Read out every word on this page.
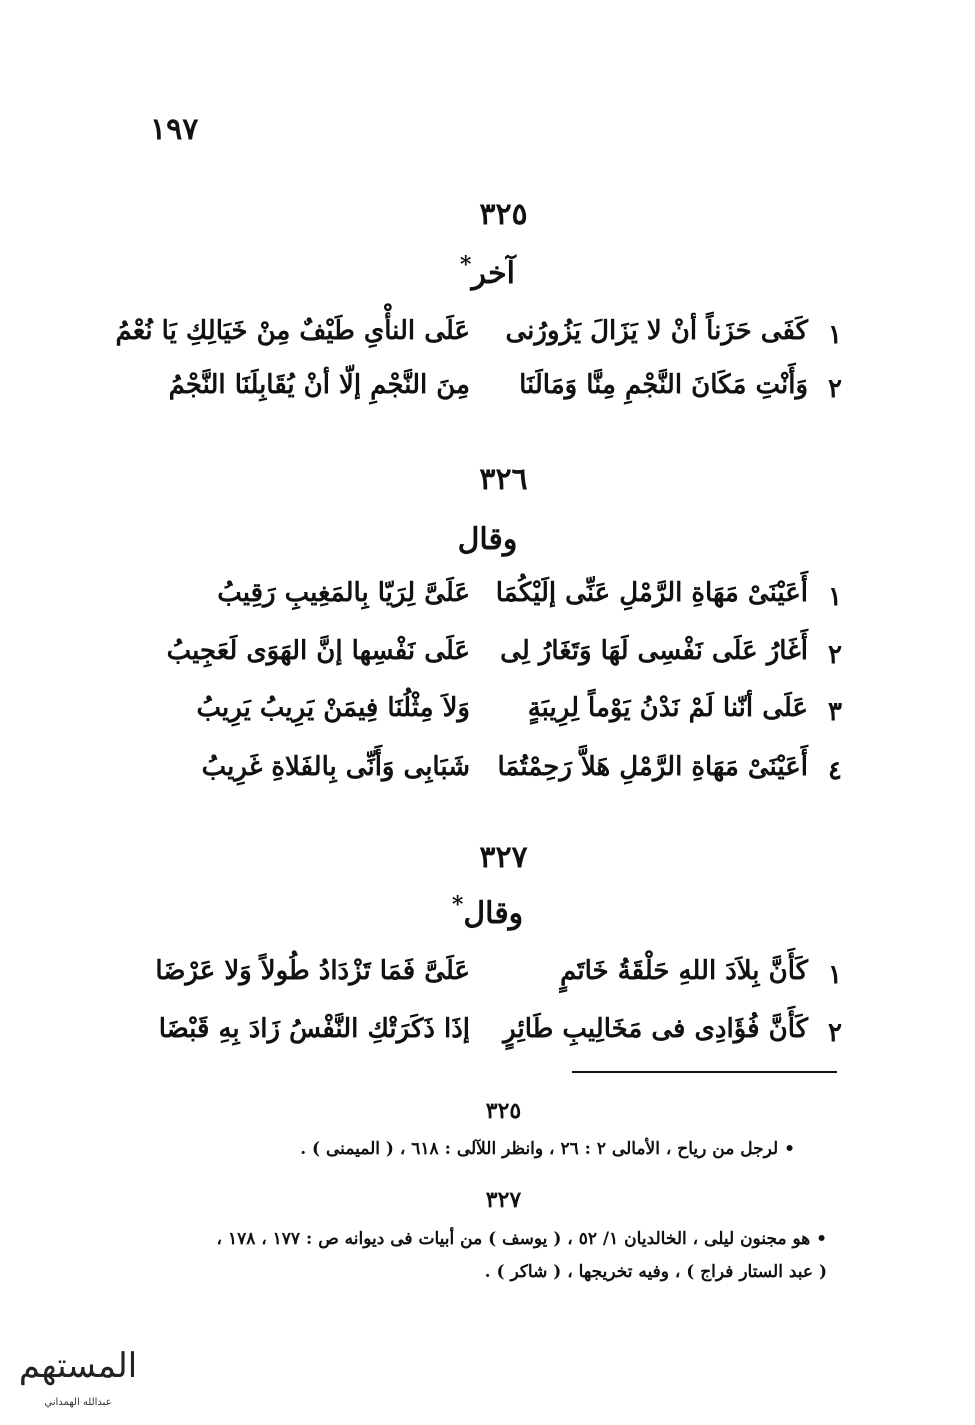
١٩٧
٣٢٥
آخر*
١
كَفَى حَزَناً أنْ لا يَزَالَ يَزُورُنى
عَلَى النأْىِ طَيْفٌ مِنْ خَيَالِكِ يَا نُعْمُ
٢
وَأَنْتِ مَكَانَ النَّجْمِ مِنَّا وَمَالَنَا
مِنَ النَّجْمِ إلّا أنْ يُقَابِلَنَا النَّجْمُ
٣٢٦
وقال
١
أَعَيْنَىْ مَهَاةِ الرَّمْلِ عَنِّى إلَيْكُمَا
عَلَىَّ لِرَيّا بِالمَغِيبِ رَقِيبُ
٢
أَغَارُ عَلَى نَفْسِى لَهَا وَتَغَارُ لِى
عَلَى نَفْسِها إنَّ الهَوَى لَعَجِيبُ
٣
عَلَى أنّنا لَمْ نَدْنُ يَوْماً لِرِيبَةٍ
وَلاَ مِثْلُنَا فِيمَنْ يَرِيبُ يَرِيبُ
٤
أَعَيْنَىْ مَهَاةِ الرَّمْلِ هَلاَّ رَحِمْتُمَا
شَبَابِى وَأَنِّى بِالفَلاةِ غَرِيبُ
٣٢٧
وقال*
١
كَأَنَّ بِلاَدَ اللهِ حَلْقَةُ خَاتَمٍ
عَلَىَّ فَمَا تَزْدَادُ طُولاً وَلا عَرْضَا
٢
كَأَنَّ فُؤَادِى فى مَخَالِيبِ طَائِرٍ
إذَا ذَكَرَتْكِ النَّفْسُ زَادَ بِهِ قَبْضَا
٣٢٥
• لرجل من رياح ، الأمالى ٢ : ٢٦ ، وانظر اللآلى : ٦١٨ ، ( الميمنى ) .
٣٢٧
• هو مجنون ليلى ، الخالديان ١/ ٥٢ ، ( يوسف ) من أبيات فى ديوانه ص : ١٧٧ ، ١٧٨ ،
( عبد الستار فراج ) ، وفيه تخريجها ، ( شاكر ) .
المستهم
عبدالله الهمداني
